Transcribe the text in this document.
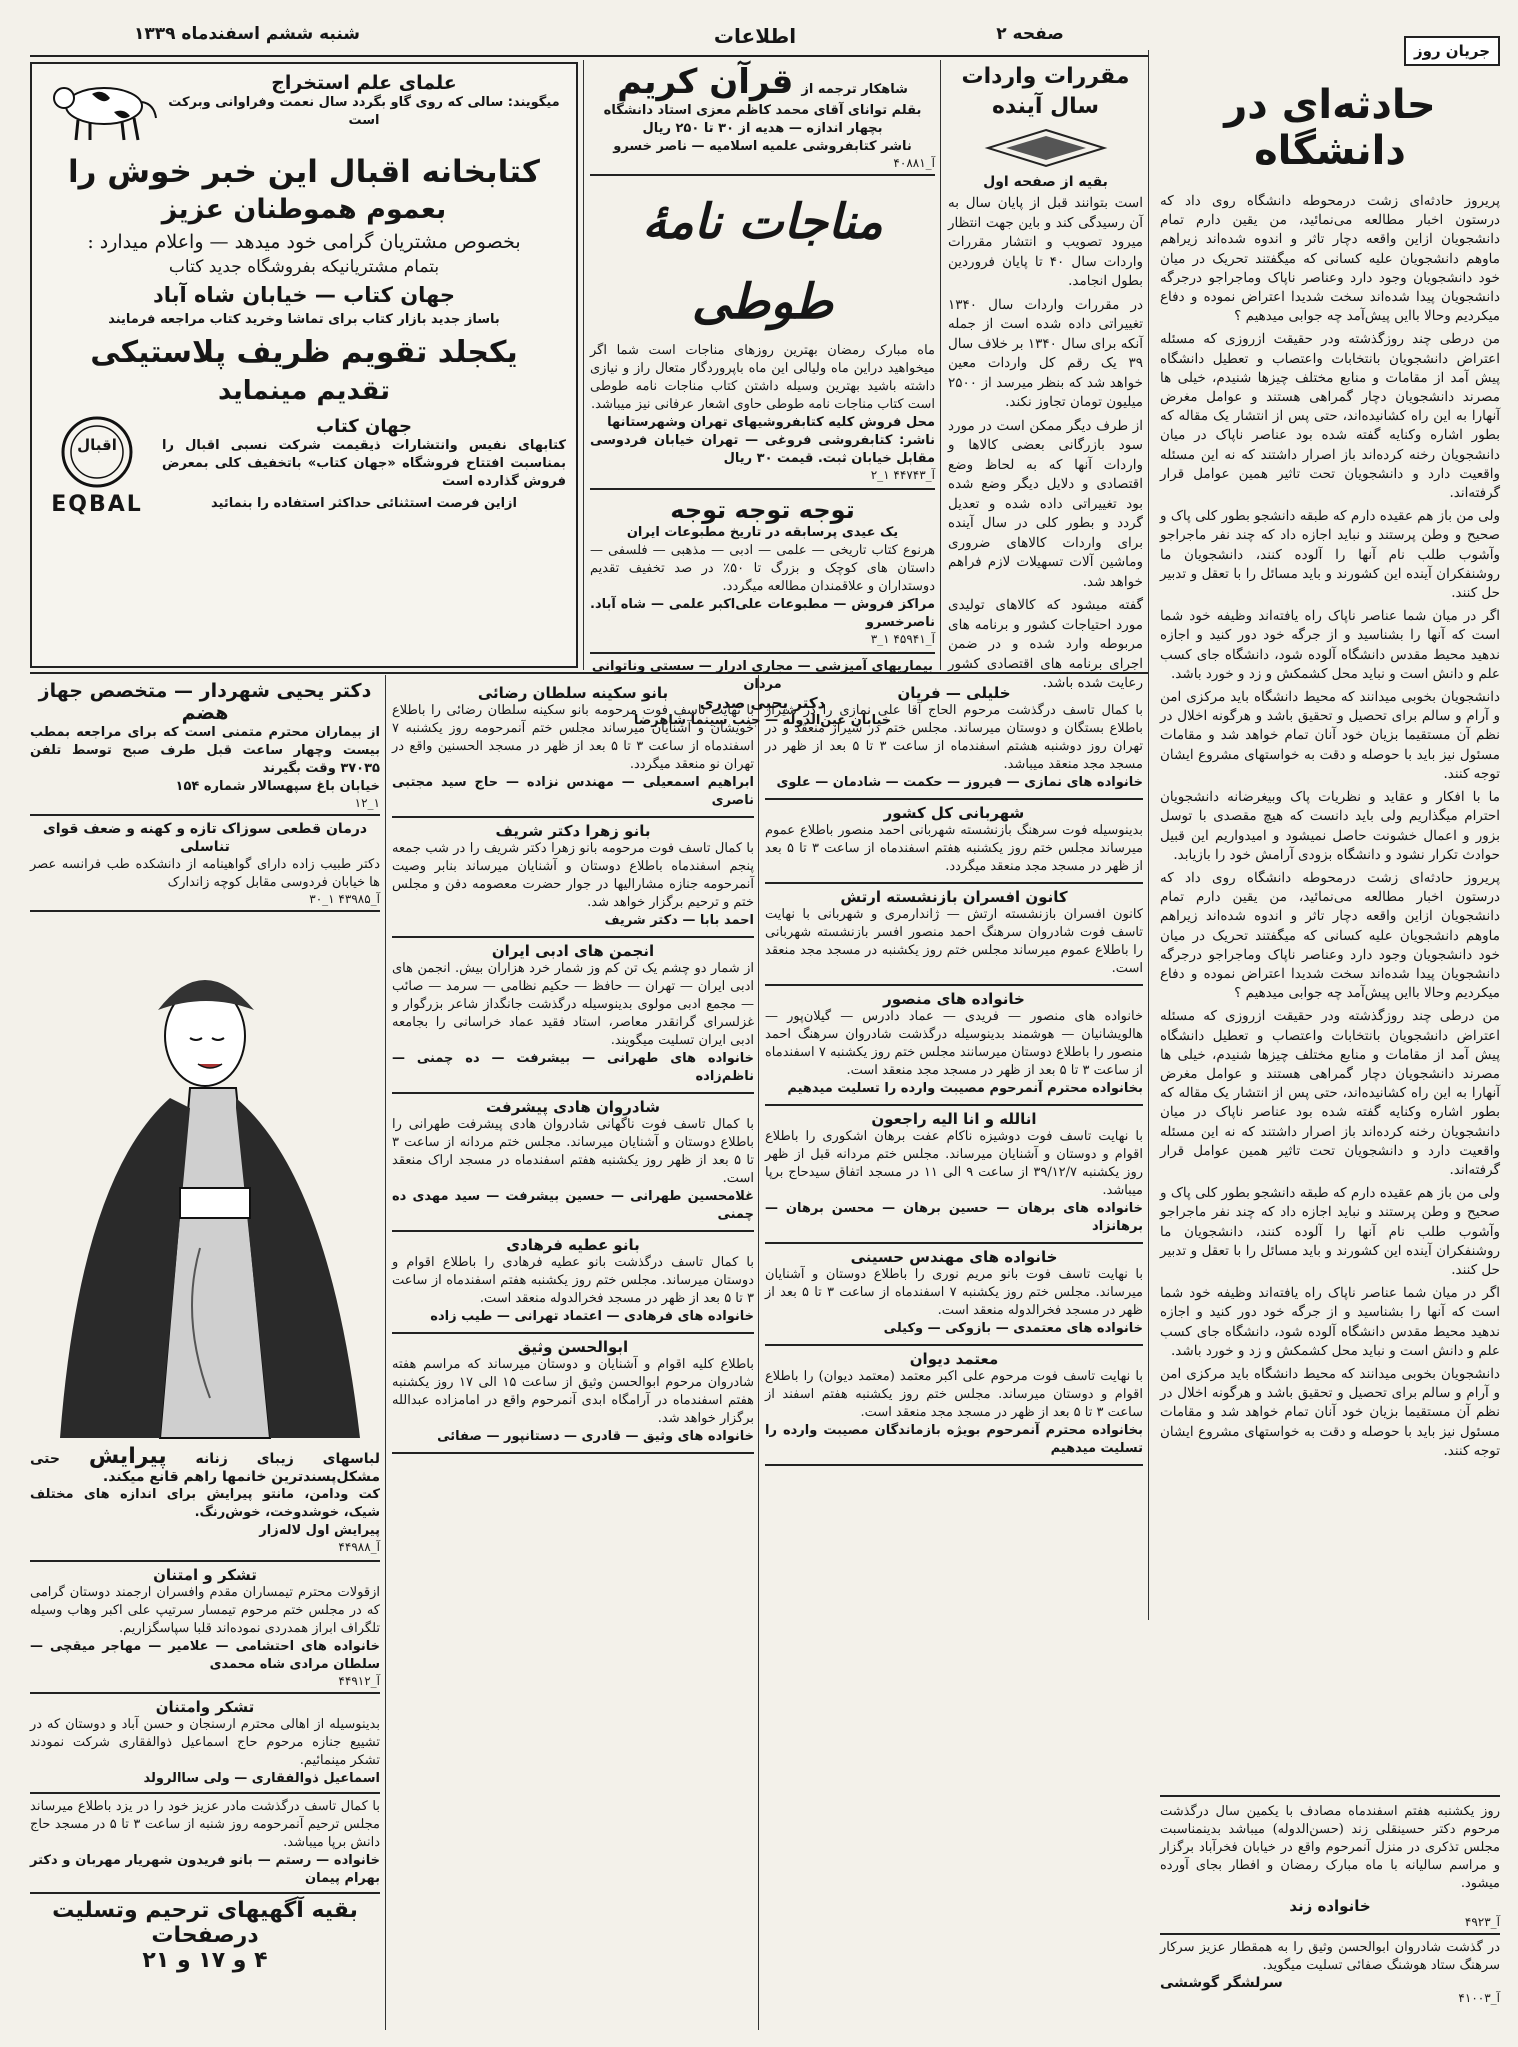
شنبه ششم اسفندماه ۱۳۳۹	اطلاعات	صفحه ۲
جریان روز
حادثه‌ای در دانشگاه

پریروز حادثه‌ای زشت درمحوطه دانشگاه روی داد که درستون اخبار مطالعه می‌نمائید، من یقین دارم تمام دانشجویان ازاین واقعه دچار تاثر و اندوه شده‌اند زیراهم ماوهم دانشجویان علیه کسانی که میگفتند تحریک در میان خود دانشجویان وجود دارد وعناصر ناپاک وماجراجو درجرگه دانشجویان پیدا شده‌اند سخت شدیدا اعتراض نموده و دفاع میکردیم وحالا باایں پیش‌آمد چه جوابی میدهیم ؟

من درطی چند روزگذشته ودر حقیقت ازروزی که مسئله اعتراض دانشجویان بانتخابات واعتصاب و تعطیل دانشگاه پیش آمد از مقامات و منابع مختلف چیزها شنیدم، خیلی ها مصرند دانشجویان دچار گمراهی هستند و عوامل مغرض آنهارا به این راه کشانیده‌اند، حتی پس از انتشار یک مقاله که بطور اشاره وکنایه گفته شده بود عناصر ناپاک در میان دانشجویان رخنه کرده‌اند باز اصرار داشتند که نه این مسئله واقعیت دارد و دانشجویان تحت تاثیر همین عوامل قرار گرفته‌اند.

ولی من باز هم عقیده دارم که طبقه دانشجو بطور کلی پاک و صحیح و وطن پرستند و نباید اجازه داد که چند نفر ماجراجو وآشوب طلب نام آنها را آلوده کنند، دانشجویان ما روشنفکران آینده این کشورند و باید مسائل را با تعقل و تدبیر حل کنند.

اگر در میان شما عناصر ناپاک راه یافته‌اند وظیفه خود شما است که آنها را بشناسید و از جرگه خود دور کنید و اجازه ندهید محیط مقدس دانشگاه آلوده شود، دانشگاه جای کسب علم و دانش است و نباید محل کشمکش و زد و خورد باشد.

دانشجویان بخوبی میدانند که محیط دانشگاه باید مرکزی امن و آرام و سالم برای تحصیل و تحقیق باشد و هرگونه اخلال در نظم آن مستقیما بزیان خود آنان تمام خواهد شد و مقامات مسئول نیز باید با حوصله و دقت به خواستهای مشروع ایشان توجه کنند.

ما با افکار و عقاید و نظریات پاک وبیغرضانه دانشجویان احترام میگذاریم ولی باید دانست که هیچ مقصدی با توسل بزور و اعمال خشونت حاصل نمیشود و امیدواریم این قبیل حوادث تکرار نشود و دانشگاه بزودی آرامش خود را بازیابد.

پریروز حادثه‌ای زشت درمحوطه دانشگاه روی داد که درستون اخبار مطالعه می‌نمائید، من یقین دارم تمام دانشجویان ازاین واقعه دچار تاثر و اندوه شده‌اند زیراهم ماوهم دانشجویان علیه کسانی که میگفتند تحریک در میان خود دانشجویان وجود دارد وعناصر ناپاک وماجراجو درجرگه دانشجویان پیدا شده‌اند سخت شدیدا اعتراض نموده و دفاع میکردیم وحالا باایں پیش‌آمد چه جوابی میدهیم ؟

من درطی چند روزگذشته ودر حقیقت ازروزی که مسئله اعتراض دانشجویان بانتخابات واعتصاب و تعطیل دانشگاه پیش آمد از مقامات و منابع مختلف چیزها شنیدم، خیلی ها مصرند دانشجویان دچار گمراهی هستند و عوامل مغرض آنهارا به این راه کشانیده‌اند، حتی پس از انتشار یک مقاله که بطور اشاره وکنایه گفته شده بود عناصر ناپاک در میان دانشجویان رخنه کرده‌اند باز اصرار داشتند که نه این مسئله واقعیت دارد و دانشجویان تحت تاثیر همین عوامل قرار گرفته‌اند.

ولی من باز هم عقیده دارم که طبقه دانشجو بطور کلی پاک و صحیح و وطن پرستند و نباید اجازه داد که چند نفر ماجراجو وآشوب طلب نام آنها را آلوده کنند، دانشجویان ما روشنفکران آینده این کشورند و باید مسائل را با تعقل و تدبیر حل کنند.

اگر در میان شما عناصر ناپاک راه یافته‌اند وظیفه خود شما است که آنها را بشناسید و از جرگه خود دور کنید و اجازه ندهید محیط مقدس دانشگاه آلوده شود، دانشگاه جای کسب علم و دانش است و نباید محل کشمکش و زد و خورد باشد.

دانشجویان بخوبی میدانند که محیط دانشگاه باید مرکزی امن و آرام و سالم برای تحصیل و تحقیق باشد و هرگونه اخلال در نظم آن مستقیما بزیان خود آنان تمام خواهد شد و مقامات مسئول نیز باید با حوصله و دقت به خواستهای مشروع ایشان توجه کنند.

روز یکشنبه هفتم اسفندماه مصادف با یکمین سال درگذشت مرحوم دکتر حسینقلی زند (حسن‌الدوله) میباشد بدینمناسبت مجلس تذکری در منزل آنمرحوم واقع در خیابان فخرآباد برگزار و مراسم سالیانه با ماه مبارک رمضان و افطار بجای آورده میشود.
خانواده زند
آ_۴۹۲۳
در گذشت شادروان ابوالحسن وثیق را به همقطار عزیز سرکار سرهنگ ستاد هوشنگ صفائی تسلیت میگوید.
سرلشگر گوششی
آ_۴۱۰۰۳
مقررات واردات سال آینده
بقیه از صفحه اول

است بتوانند قبل از پایان سال به آن رسیدگی کند و باین جهت انتظار میرود تصویب و انتشار مقررات واردات سال ۴۰ تا پایان فروردین بطول انجامد.

در مقررات واردات سال ۱۳۴۰ تغییراتی داده شده است از جمله آنکه برای سال ۱۳۴۰ بر خلاف سال ۳۹ یک رقم کل واردات معین خواهد شد که بنظر میرسد از ۲۵۰۰ میلیون تومان تجاوز نکند.

از طرف دیگر ممکن است در مورد سود بازرگانی بعضی کالاها و واردات آنها که به لحاظ وضع اقتصادی و دلایل دیگر وضع شده بود تغییراتی داده شده و تعدیل گردد و بطور کلی در سال آینده برای واردات کالاهای ضروری وماشین آلات تسهیلات لازم فراهم خواهد شد.

گفته میشود که کالاهای تولیدی مورد احتیاجات کشور و برنامه های مربوطه وارد شده و در ضمن اجرای برنامه های اقتصادی کشور رعایت شده باشد.

شاهکار ترجمه از
قرآن کریم
بقلم توانای آقای محمد کاظم معزی استاد دانشگاه
بچهار اندازه — هدیه از ۳۰ تا ۲۵۰ ریال
ناشر کتابفروشی علمیه اسلامیه — ناصر خسرو
آ_۴۰۸۸۱
مناجات نامهٔ طوطی
ماه مبارک رمضان بهترین روزهای مناجات است شما اگر میخواهید دراین ماه ولیالی این ماه باپروردگار متعال راز و نیازی داشته باشید بهترین وسیله داشتن کتاب مناجات نامه طوطی است کتاب مناجات نامه طوطی حاوی اشعار عرفانی نیز میباشد.
محل فروش کلیه کتابفروشیهای تهران وشهرستانها
ناشر: کتابفروشی فروغی — تهران خیابان فردوسی مقابل خیابان ثبت. قیمت ۳۰ ریال
آ_۴۴۷۴۳ ۱_۲
توجه توجه توجه
یک عیدی پرسابقه در تاریخ مطبوعات ایران
هرنوع کتاب تاریخی — علمی — ادبی — مذهبی — فلسفی — داستان های کوچک و بزرگ تا ۵۰٪ در صد تخفیف تقدیم دوستداران و علاقمندان مطالعه میگردد.
مراکز فروش — مطبوعات علی‌اکبر علمی — شاه آباد. ناصرخسرو
آ_۴۵۹۴۱ ۱_۳
بیماریهای آمیزشی — مجاری ادرار — سستی وناتوانی مردان
دکتر یحیی صدری
خیابان عین‌الدوله — جنب سینما شاهرضا
علمای علم استخراج
میگویند: سالی که روی گاو بگردد سال نعمت وفراوانی وبرکت است
کتابخانه اقبال این خبر خوش را
بعموم هموطنان عزیز
بخصوص مشتریان گرامی خود میدهد — واعلام میدارد :
بتمام مشتریانیکه بفروشگاه جدید کتاب
جهان کتاب — خیابان شاه آباد
باساز جدید بازار کتاب برای تماشا وخرید کتاب مراجعه فرمایند
یکجلد تقویم ظریف پلاستیکی
تقدیم مینماید
جهان کتاب
کتابهای نفیس وانتشارات ذیقیمت شرکت نسبی اقبال را بمناسبت افتتاح فروشگاه «جهان کتاب» باتخفیف کلی بمعرض فروش گذارده است
ازاین فرصت استثنائی حداکثر استفاده را بنمائید
اقبال
EQBAL
خلیلی — فریان
با کمال تاسف درگذشت مرحوم الحاج آقا علی نمازی را در شیراز باطلاع بستگان و دوستان میرساند. مجلس ختم در شیراز منعقد و در تهران روز دوشنبه هشتم اسفندماه از ساعت ۳ تا ۵ بعد از ظهر در مسجد مجد منعقد میباشد.
خانواده های نمازی — فیروز — حکمت — شادمان — علوی
شهربانی کل کشور
بدینوسیله فوت سرهنگ بازنشسته شهربانی احمد منصور باطلاع عموم میرساند مجلس ختم روز یکشنبه هفتم اسفندماه از ساعت ۳ تا ۵ بعد از ظهر در مسجد مجد منعقد میگردد.
کانون افسران بازنشسته ارتش
کانون افسران بازنشسته ارتش — ژاندارمری و شهربانی با نهایت تاسف فوت شادروان سرهنگ احمد منصور افسر بازنشسته شهربانی را باطلاع عموم میرساند مجلس ختم روز یکشنبه در مسجد مجد منعقد است.
خانواده های منصور
خانواده های منصور — فریدی — عماد دادرس — گیلان‌پور — هالویشانیان — هوشمند بدینوسیله درگذشت شادروان سرهنگ احمد منصور را باطلاع دوستان میرسانند مجلس ختم روز یکشنبه ۷ اسفندماه از ساعت ۳ تا ۵ بعد از ظهر در مسجد مجد منعقد است.
بخانواده محترم آنمرحوم مصیبت وارده را تسلیت میدهیم
انالله و انا الیه راجعون
با نهایت تاسف فوت دوشیزه ناکام عفت برهان اشکوری را باطلاع اقوام و دوستان و آشنایان میرساند. مجلس ختم مردانه قبل از ظهر روز یکشنبه ۳۹/۱۲/۷ از ساعت ۹ الی ۱۱ در مسجد اتفاق سیدحاج برپا میباشد.
خانواده های برهان — حسین برهان — محسن برهان — برهانزاد
خانواده های مهندس حسینی
با نهایت تاسف فوت بانو مریم نوری را باطلاع دوستان و آشنایان میرساند. مجلس ختم روز یکشنبه ۷ اسفندماه از ساعت ۳ تا ۵ بعد از ظهر در مسجد فخرالدوله منعقد است.
خانواده های معتمدی — بازوکی — وکیلی
معتمد دیوان
با نهایت تاسف فوت مرحوم علی اکبر معتمد (معتمد دیوان) را باطلاع اقوام و دوستان میرساند. مجلس ختم روز یکشنبه هفتم اسفند از ساعت ۳ تا ۵ بعد از ظهر در مسجد مجد منعقد است.
بخانواده محترم آنمرحوم بویژه بازماندگان مصیبت وارده را تسلیت میدهیم
بانو سکینه سلطان رضائی
با نهایت تاسف فوت مرحومه بانو سکینه سلطان رضائی را باطلاع خویشان و آشنایان میرساند مجلس ختم آنمرحومه روز یکشنبه ۷ اسفندماه از ساعت ۳ تا ۵ بعد از ظهر در مسجد الحسنین واقع در تهران نو منعقد میگردد.
ابراهیم اسمعیلی — مهندس نزاده — حاج سید مجتبی ناصری
بانو زهرا دکتر شریف
با کمال تاسف فوت مرحومه بانو زهرا دکتر شریف را در شب جمعه پنجم اسفندماه باطلاع دوستان و آشنایان میرساند بنابر وصیت آنمرحومه جنازه مشارالیها در جوار حضرت معصومه دفن و مجلس ختم و ترحیم برگزار خواهد شد.
احمد بابا — دکتر شریف
انجمن های ادبی ایران
از شمار دو چشم یک تن کم وز شمار خرد هزاران بیش. انجمن های ادبی ایران — تهران — حافظ — حکیم نظامی — سرمد — صائب — مجمع ادبی مولوی بدینوسیله درگذشت جانگداز شاعر بزرگوار و غزلسرای گرانقدر معاصر، استاد فقید عماد خراسانی را بجامعه ادبی ایران تسلیت میگویند.
خانواده های طهرانی — بیشرفت — ده چمنی — ناظم‌زاده
شادروان هادی پیشرفت
با کمال تاسف فوت ناگهانی شادروان هادی پیشرفت طهرانی را باطلاع دوستان و آشنایان میرساند. مجلس ختم مردانه از ساعت ۳ تا ۵ بعد از ظهر روز یکشنبه هفتم اسفندماه در مسجد اراک منعقد است.
غلامحسین طهرانی — حسین بیشرفت — سید مهدی ده چمنی
بانو عطیه فرهادی
با کمال تاسف درگذشت بانو عطیه فرهادی را باطلاع اقوام و دوستان میرساند. مجلس ختم روز یکشنبه هفتم اسفندماه از ساعت ۳ تا ۵ بعد از ظهر در مسجد فخرالدوله منعقد است.
خانواده های فرهادی — اعتماد تهرانی — طیب زاده
ابوالحسن وثیق
باطلاع کلیه اقوام و آشنایان و دوستان میرساند که مراسم هفته شادروان مرحوم ابوالحسن وثیق از ساعت ۱۵ الی ۱۷ روز یکشنبه هفتم اسفندماه در آرامگاه ابدی آنمرحوم واقع در امامزاده عبدالله برگزار خواهد شد.
خانواده های وثیق — قادری — دستانپور — صفائی
دکتر یحیی شهردار — متخصص جهاز هضم
از بیماران محترم متمنی است که برای مراجعه بمطب بیست وچهار ساعت قبل طرف صبح توسط تلفن ۳۷۰۳۵ وقت بگیرند
خیابان باغ سپهسالار شماره ۱۵۴
۱_۱۲
درمان قطعی سوزاک تازه و کهنه و ضعف قوای تناسلی
دکتر طبیب زاده دارای گواهینامه از دانشکده طب فرانسه عصر ها خیابان فردوسی مقابل کوچه زاندارک
آ_۴۳۹۸۵ ۱_۳۰
لباسهای زیبای زنانه پیرایش حتی مشکل‌پسندترین خانمها راهم قانع میکند.
کت ودامن، مانتو پیرایش برای اندازه های مختلف شیک، خوشدوخت، خوش‌رنگ.
پیرایش اول لاله‌زار
آ_۴۴۹۸۸
تشکر و امتنان
ازقولات محترم تیمساران مقدم وافسران ارجمند دوستان گرامی که در مجلس ختم مرحوم تیمسار سرتیپ علی اکبر وهاب وسیله تلگراف ابراز همدردی نموده‌اند قلبا سپاسگزاریم.
خانواده های احتشامی — علامیر — مهاجر میقچی — سلطان مرادی شاه محمدی
آ_۴۴۹۱۲
تشکر وامتنان
بدینوسیله از اهالی محترم ارسنجان و حسن آباد و دوستان که در تشییع جنازه مرحوم حاج اسماعیل ذوالفقاری شرکت نمودند تشکر مینمائیم.
اسماعیل ذوالفقاری — ولی ساالرولد
با کمال تاسف درگذشت مادر عزیز خود را در یزد باطلاع میرساند مجلس ترحیم آنمرحومه روز شنبه از ساعت ۳ تا ۵ در مسجد حاج دانش برپا میباشد.
خانواده — رستم — بانو فریدون شهریار مهربان و دکتر بهرام پیمان
بقیه آگهیهای ترحیم وتسلیت درصفحات
۴ و ۱۷ و ۲۱
